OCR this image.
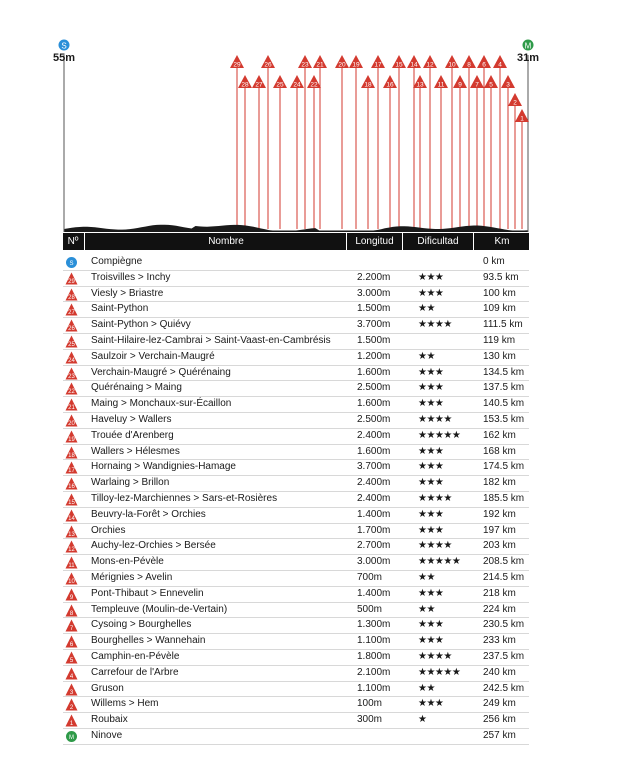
S	M
29	26	23 21 20 19 17 15 14 12 10 8 6 4
28 27 25 24 22	18 16	13 11 9 7 5 3
2
1
55m	31m
Nº	Nombre	Longitud	Dificultad	Km
S Compiègne	0 km
29 Troisvilles > Inchy	2.200m	★★★	93.5 km
28 Viesly > Briastre	3.000m	★★★	100 km
27 Saint-Python	1.500m	★★	109 km
26 Saint-Python > Quiévy	3.700m	★★★★	111.5 km
25 Saint-Hilaire-lez-Cambrai > Saint-Vaast-en-Cambrésis	1.500m	119 km
24 Saulzoir > Verchain-Maugré	1.200m	★★	130 km
23 Verchain-Maugré > Quérénaing	1.600m	★★★	134.5 km
22 Quérénaing > Maing	2.500m	★★★	137.5 km
21 Maing > Monchaux-sur-Écaillon	1.600m	★★★	140.5 km
20 Haveluy > Wallers	2.500m	★★★★	153.5 km
19 Trouée d'Arenberg	2.400m	★★★★★ 162 km
18 Wallers > Hélesmes	1.600m	★★★	168 km
17 Hornaing > Wandignies-Hamage	3.700m	★★★	174.5 km
16 Warlaing > Brillon	2.400m	★★★	182 km
15 Tilloy-lez-Marchiennes > Sars-et-Rosières	2.400m	★★★★	185.5 km
14 Beuvry-la-Forêt > Orchies	1.400m	★★★	192 km
13 Orchies	1.700m	★★★	197 km
12 Auchy-lez-Orchies > Bersée	2.700m	★★★★	203 km
11 Mons-en-Pévèle	3.000m	★★★★★ 208.5 km
10 Mérignies > Avelin	700m	★★	214.5 km
9 Pont-Thibaut > Ennevelin	1.400m	★★★	218 km
8 Templeuve (Moulin-de-Vertain)	500m	★★	224 km
7 Cysoing > Bourghelles	1.300m	★★★	230.5 km
6 Bourghelles > Wannehain	1.100m	★★★	233 km
5 Camphin-en-Pévèle	1.800m	★★★★	237.5 km
4 Carrefour de l'Arbre	2.100m	★★★★★ 240 km
3 Gruson	1.100m	★★	242.5 km
2 Willems > Hem	100m	★★★	249 km
1 Roubaix	300m	★	256 km
M Ninove	257 km
